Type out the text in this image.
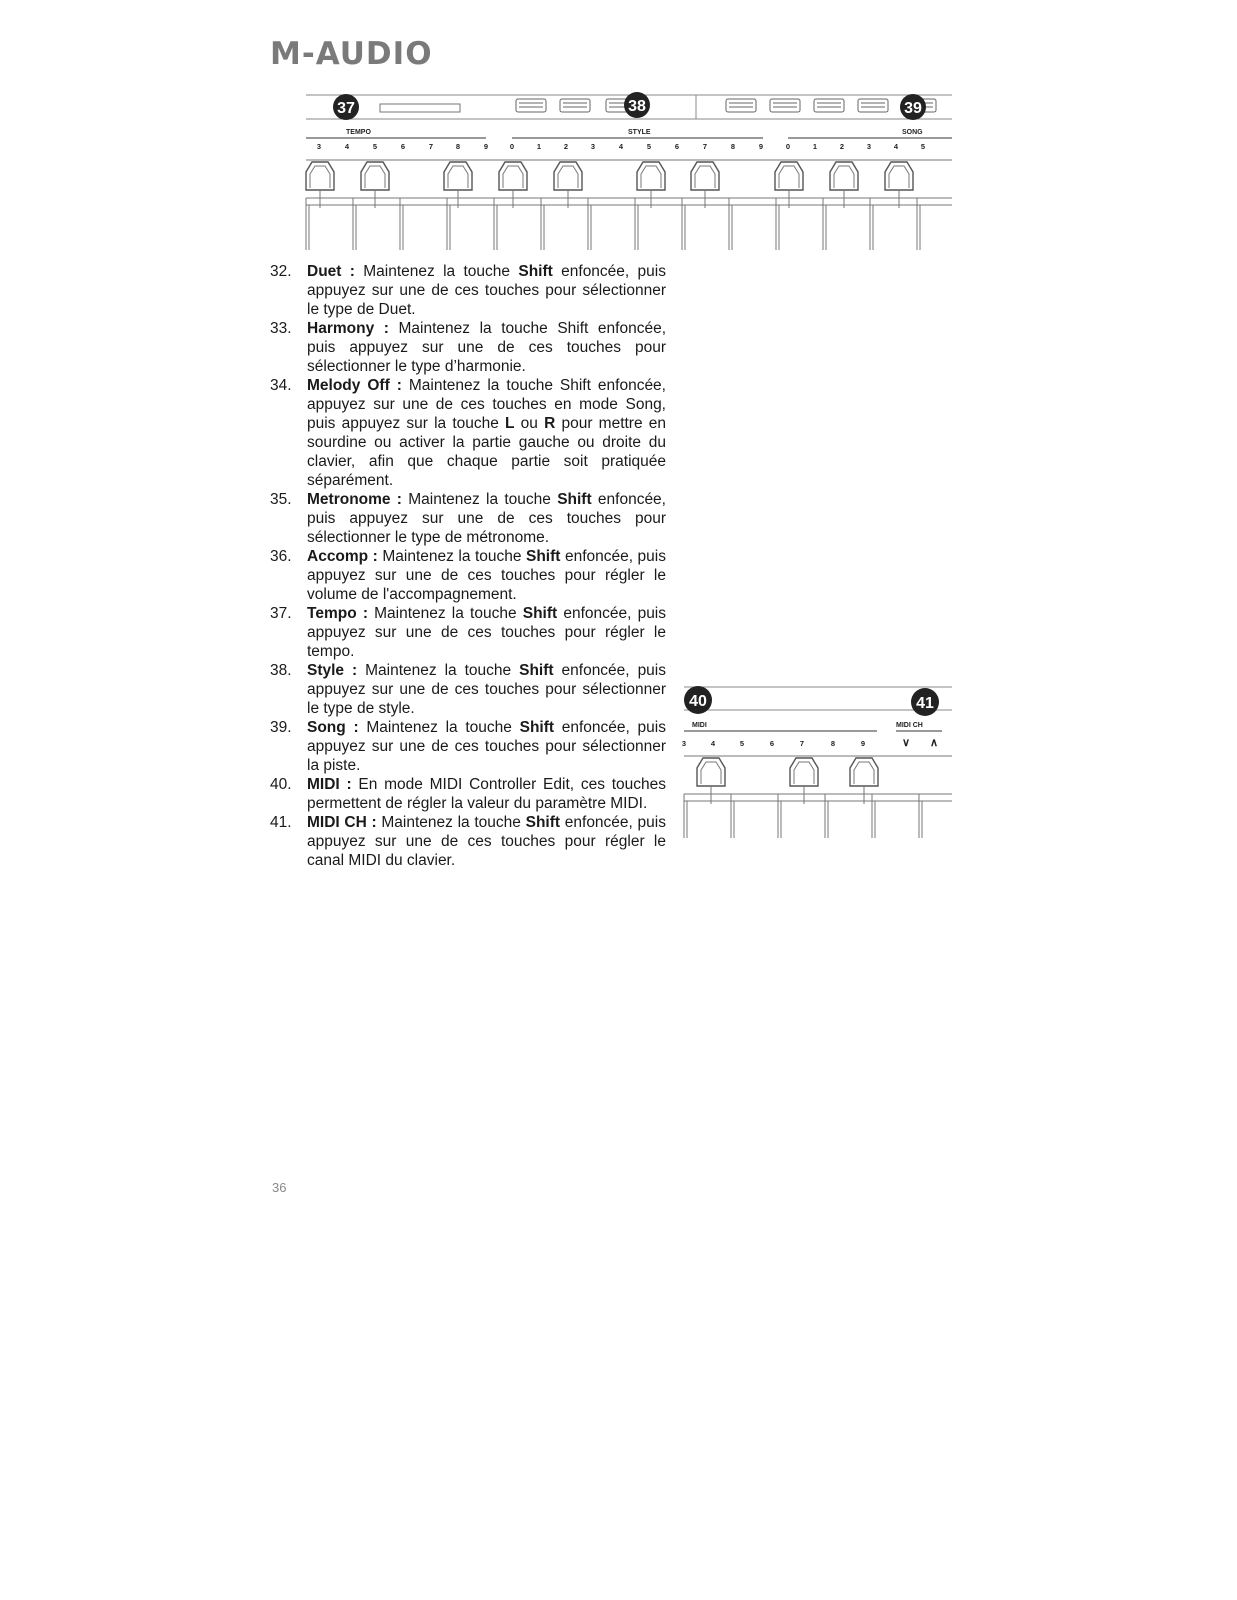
M-AUDIO
TEMPO	STYLE	SONG
3	4	5	6	7	8	9	0	1	2	3	4	5	6	7	8	9	0	1	2	3	4	5
37	38	39
MIDI	MIDI CH
3	4	5	6	7	8	9	∨ ∧
40	41
32. Duet : Maintenez la touche Shift enfoncée, puis appuyez sur une de ces touches pour sélectionner le type de Duet.
33. Harmony : Maintenez la touche Shift enfoncée, puis appuyez sur une de ces touches pour sélectionner le type d’harmonie.
34. Melody Off : Maintenez la touche Shift enfoncée, appuyez sur une de ces touches en mode Song, puis appuyez sur la touche L ou R pour mettre en sourdine ou activer la partie gauche ou droite du clavier, afin que chaque partie soit pratiquée séparément.
35. Metronome : Maintenez la touche Shift enfoncée, puis appuyez sur une de ces touches pour sélectionner le type de métronome.
36. Accomp : Maintenez la touche Shift enfoncée, puis appuyez sur une de ces touches pour régler le volume de l'accompagnement.
37. Tempo : Maintenez la touche Shift enfoncée, puis appuyez sur une de ces touches pour régler le tempo.
38. Style : Maintenez la touche Shift enfoncée, puis appuyez sur une de ces touches pour sélectionner le type de style.
39. Song : Maintenez la touche Shift enfoncée, puis appuyez sur une de ces touches pour sélectionner la piste.
40. MIDI : En mode MIDI Controller Edit, ces touches permettent de régler la valeur du paramètre MIDI.
41. MIDI CH : Maintenez la touche Shift enfoncée, puis appuyez sur une de ces touches pour régler le canal MIDI du clavier.
36
